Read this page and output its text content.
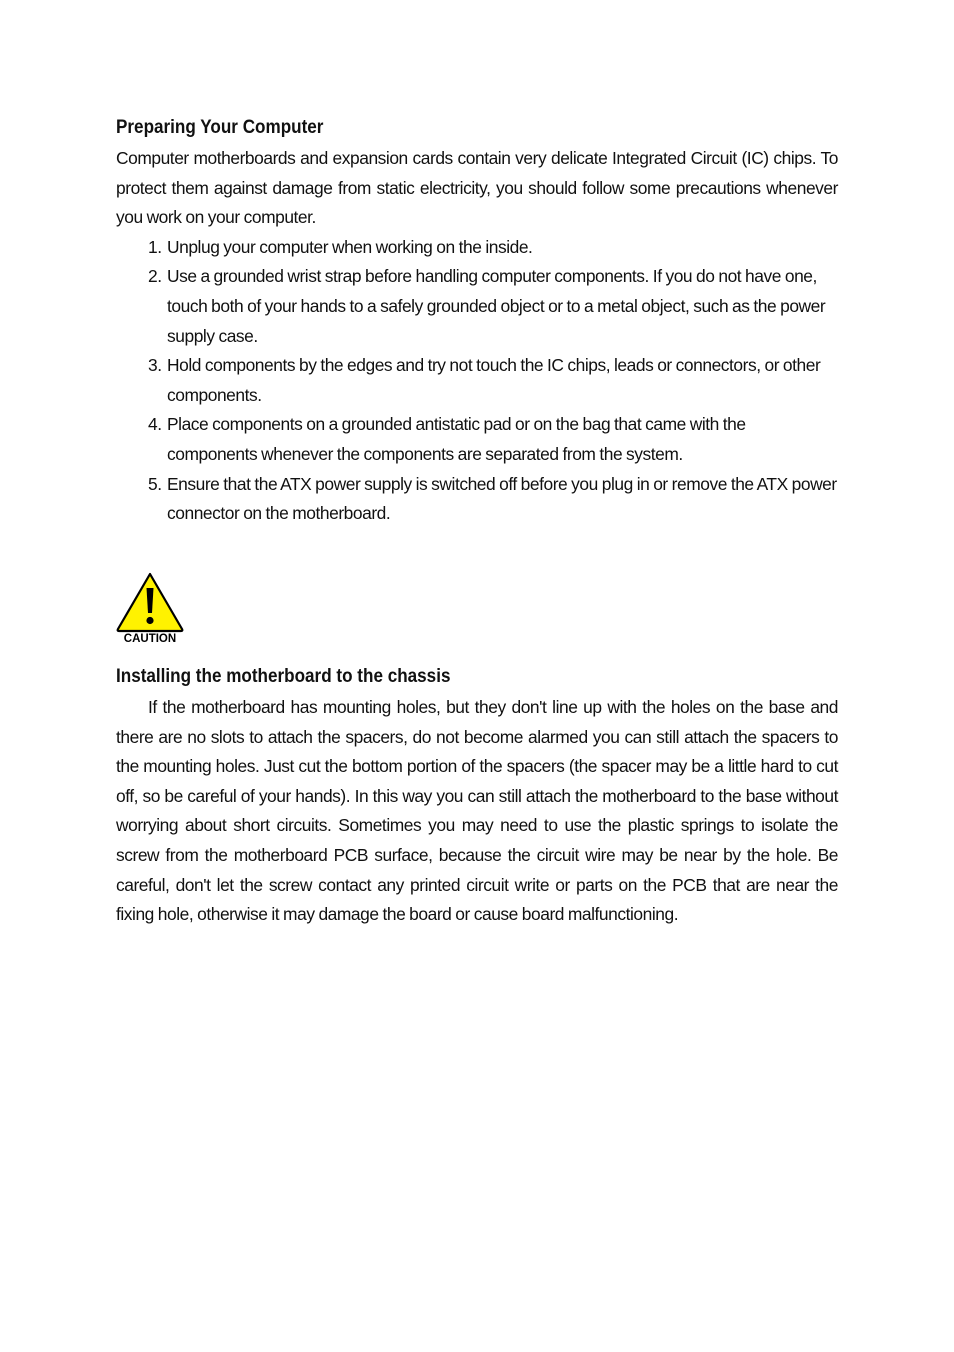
Preparing Your Computer

Computer motherboards and expansion cards contain very delicate Integrated Circuit (IC) chips. To protect them against damage from static electricity, you should follow some precautions whenever you work on your computer.

1. Unplug your computer when working on the inside.
2. Use a grounded wrist strap before handling computer components. If you do not have one, touch both of your hands to a safely grounded object or to a metal object, such as the power supply case.
3. Hold components by the edges and try not touch the IC chips, leads or connectors, or other components.
4. Place components on a grounded antistatic pad or on the bag that came with the components whenever the components are separated from the system.
5. Ensure that the ATX power supply is switched off before you plug in or remove the ATX power connector on the motherboard.
CAUTION
Installing the motherboard to the chassis

If the motherboard has mounting holes, but they don't line up with the holes on the base and there are no slots to attach the spacers, do not become alarmed you can still attach the spacers to the mounting holes. Just cut the bottom portion of the spacers (the spacer may be a little hard to cut off, so be careful of your hands). In this way you can still attach the motherboard to the base without worrying about short circuits. Sometimes you may need to use the plastic springs to isolate the screw from the motherboard PCB surface, because the circuit wire may be near by the hole. Be careful, don't let the screw contact any printed circuit write or parts on the PCB that are near the fixing hole, otherwise it may damage the board or cause board malfunctioning.
